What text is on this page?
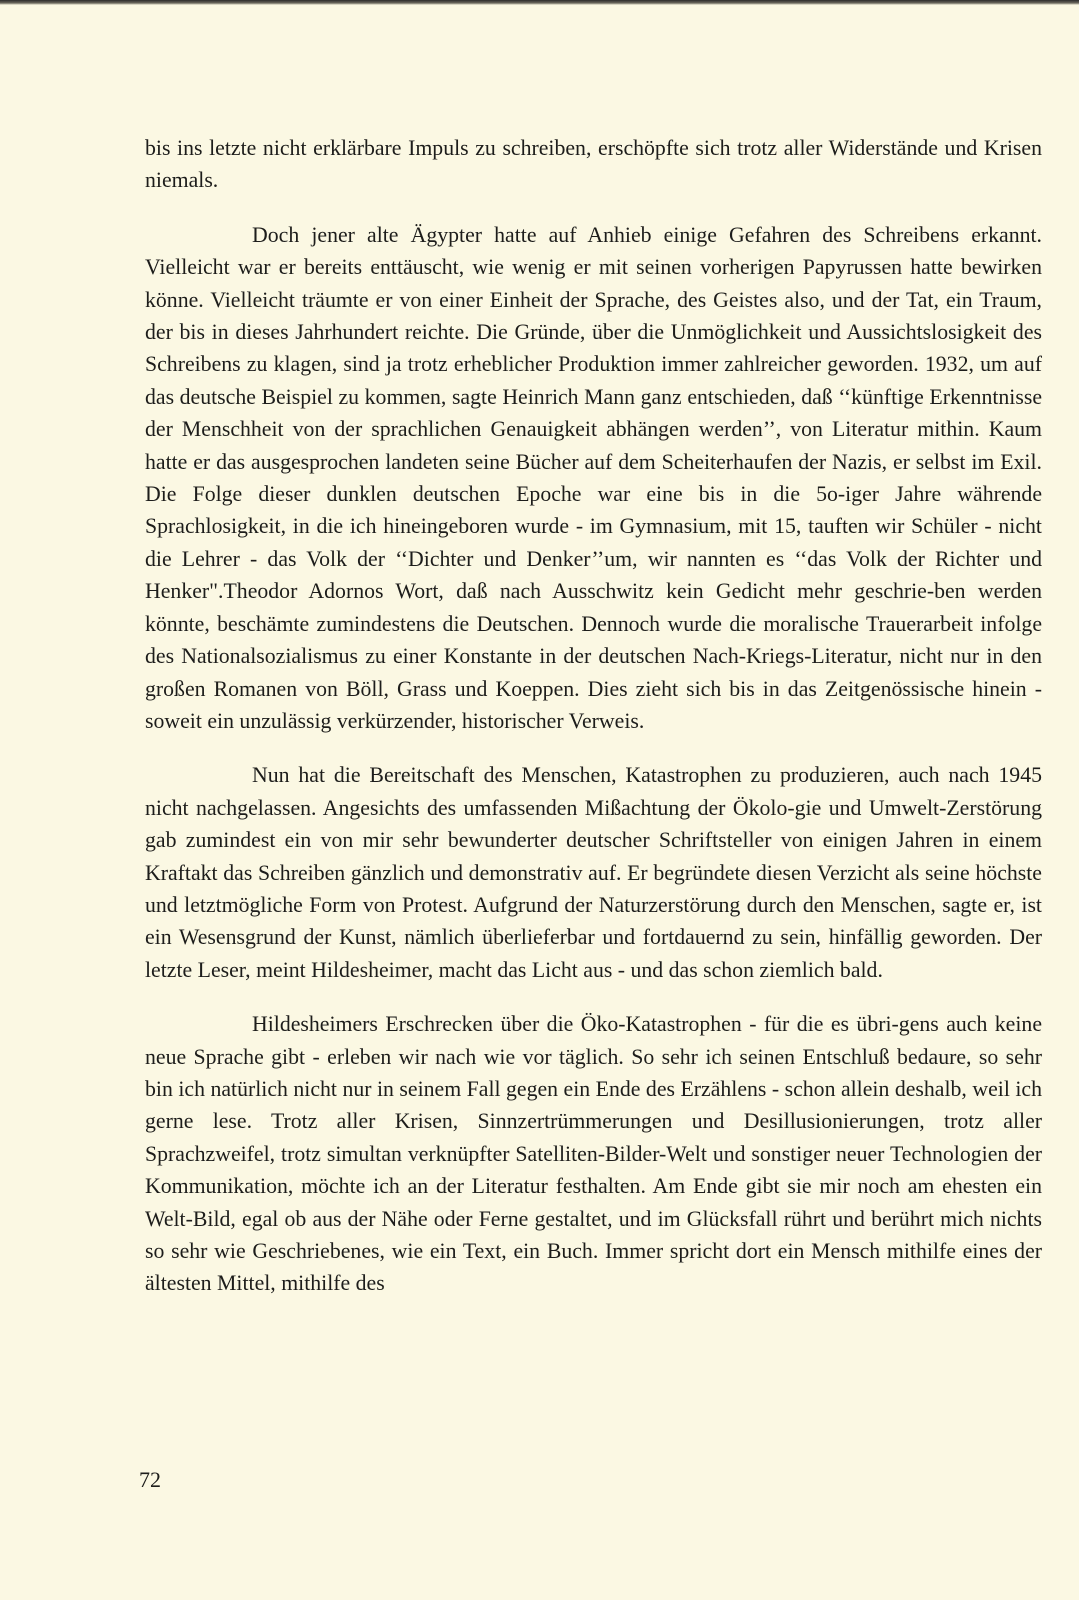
bis ins letzte nicht erklärbare Impuls zu schreiben, erschöpfte sich trotz aller Widerstände und Krisen niemals.

Doch jener alte Ägypter hatte auf Anhieb einige Gefahren des Schreibens erkannt. Vielleicht war er bereits enttäuscht, wie wenig er mit seinen vorherigen Papyrussen hatte bewirken könne. Vielleicht träumte er von einer Einheit der Sprache, des Geistes also, und der Tat, ein Traum, der bis in dieses Jahrhundert reichte. Die Gründe, über die Unmöglichkeit und Aussichtslosigkeit des Schreibens zu klagen, sind ja trotz erheblicher Produktion immer zahlreicher geworden. 1932, um auf das deutsche Beispiel zu kommen, sagte Heinrich Mann ganz entschieden, daß ‘‘künftige Erkenntnisse der Menschheit von der sprachlichen Genauigkeit abhängen werden’’, von Literatur mithin. Kaum hatte er das ausgesprochen landeten seine Bücher auf dem Scheiterhaufen der Nazis, er selbst im Exil. Die Folge dieser dunklen deutschen Epoche war eine bis in die 5o-iger Jahre währende Sprachlosigkeit, in die ich hineingeboren wurde - im Gymnasium, mit 15, tauften wir Schüler - nicht die Lehrer - das Volk der ‘‘Dichter und Denker’’um, wir nannten es ‘‘das Volk der Richter und Henker".Theodor Adornos Wort, daß nach Ausschwitz kein Gedicht mehr geschrie-ben werden könnte, beschämte zumindestens die Deutschen. Dennoch wurde die moralische Trauerarbeit infolge des Nationalsozialismus zu einer Konstante in der deutschen Nach-Kriegs-Literatur, nicht nur in den großen Romanen von Böll, Grass und Koeppen. Dies zieht sich bis in das Zeitgenössische hinein - soweit ein unzulässig verkürzender, historischer Verweis.

Nun hat die Bereitschaft des Menschen, Katastrophen zu produzieren, auch nach 1945 nicht nachgelassen. Angesichts des umfassenden Mißachtung der Ökolo-gie und Umwelt-Zerstörung gab zumindest ein von mir sehr bewunderter deutscher Schriftsteller von einigen Jahren in einem Kraftakt das Schreiben gänzlich und demonstrativ auf. Er begründete diesen Verzicht als seine höchste und letztmögliche Form von Protest. Aufgrund der Naturzerstörung durch den Menschen, sagte er, ist ein Wesensgrund der Kunst, nämlich überlieferbar und fortdauernd zu sein, hinfällig geworden. Der letzte Leser, meint Hildesheimer, macht das Licht aus - und das schon ziemlich bald.

Hildesheimers Erschrecken über die Öko-Katastrophen - für die es übri-gens auch keine neue Sprache gibt - erleben wir nach wie vor täglich. So sehr ich seinen Entschluß bedaure, so sehr bin ich natürlich nicht nur in seinem Fall gegen ein Ende des Erzählens - schon allein deshalb, weil ich gerne lese. Trotz aller Krisen, Sinnzertrümmerungen und Desillusionierungen, trotz aller Sprachzweifel, trotz simultan verknüpfter Satelliten-Bilder-Welt und sonstiger neuer Technologien der Kommunikation, möchte ich an der Literatur festhalten. Am Ende gibt sie mir noch am ehesten ein Welt-Bild, egal ob aus der Nähe oder Ferne gestaltet, und im Glücksfall rührt und berührt mich nichts so sehr wie Geschriebenes, wie ein Text, ein Buch. Immer spricht dort ein Mensch mithilfe eines der ältesten Mittel, mithilfe des

72
